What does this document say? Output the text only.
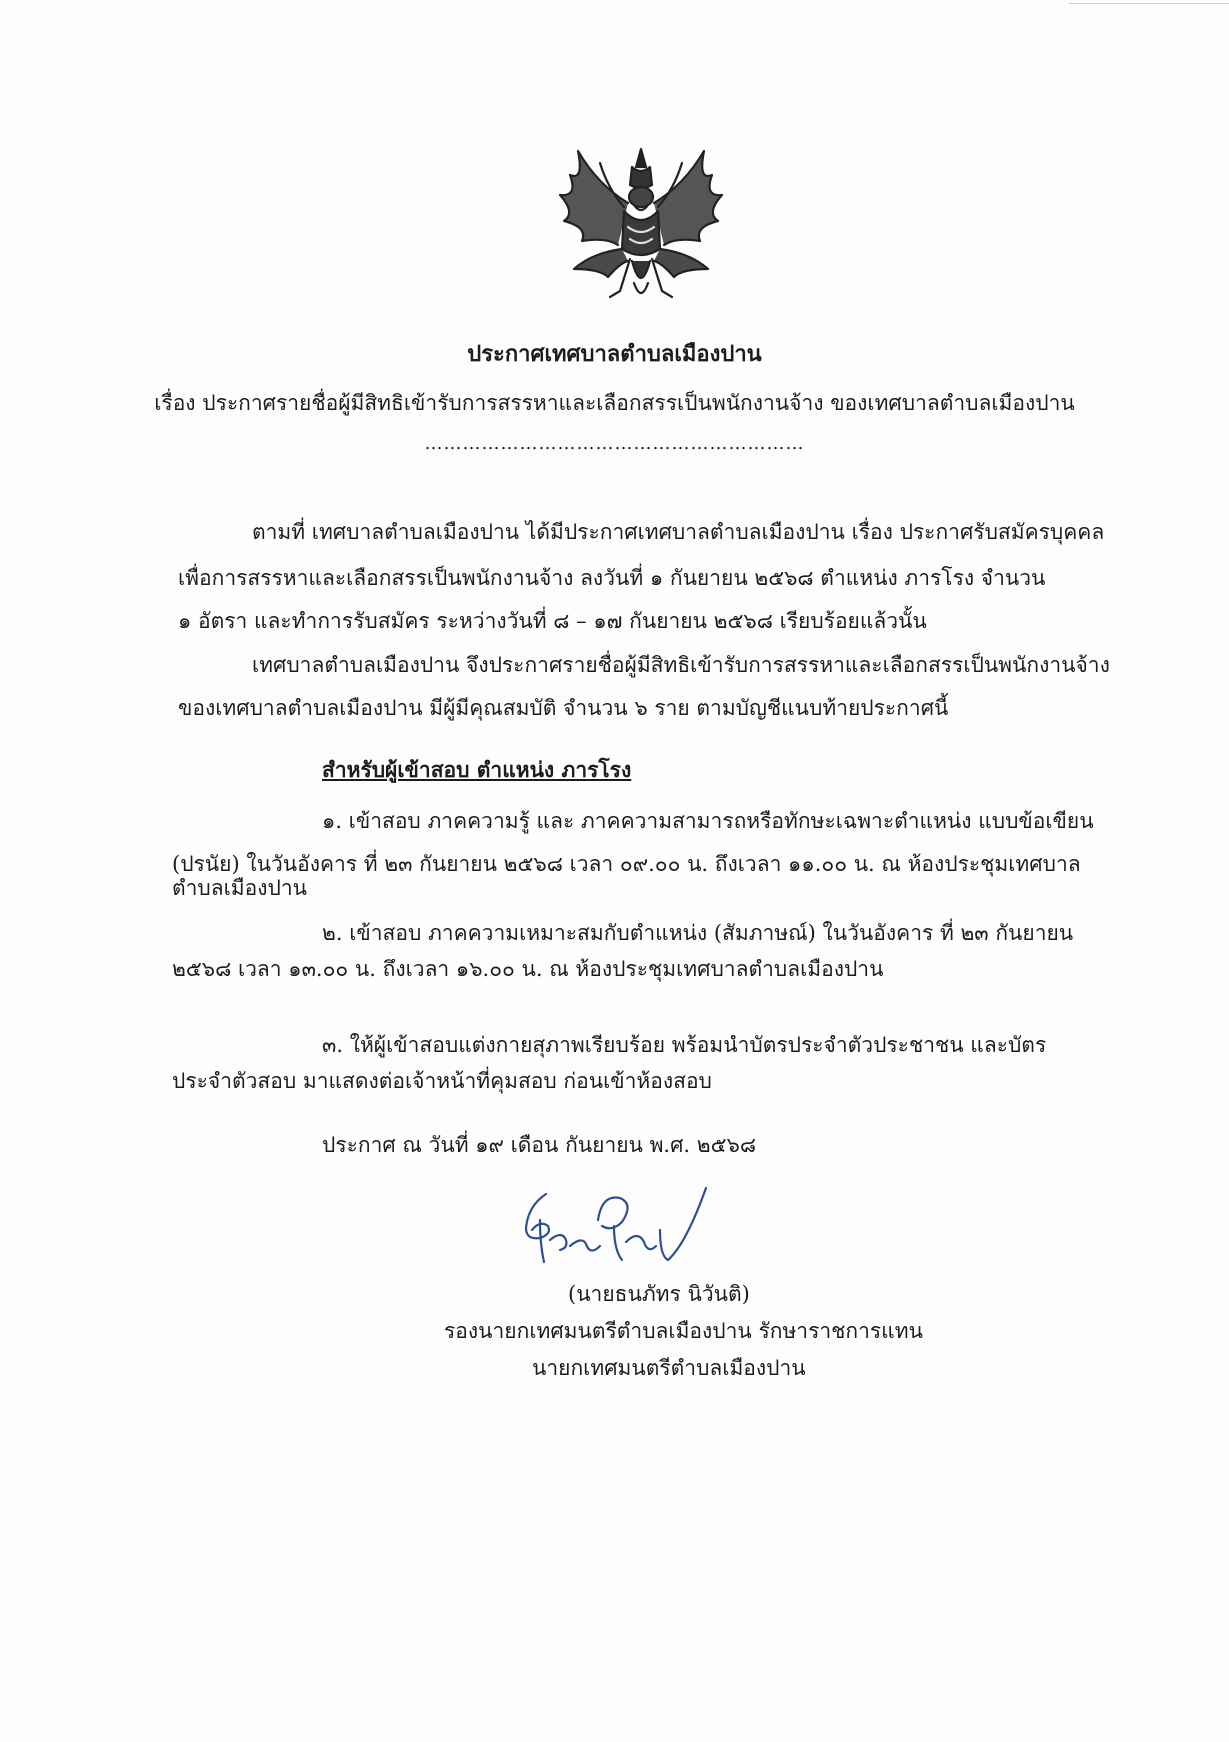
ประกาศเทศบาลตำบลเมืองปาน
เรื่อง ประกาศรายชื่อผู้มีสิทธิเข้ารับการสรรหาและเลือกสรรเป็นพนักงานจ้าง ของเทศบาลตำบลเมืองปาน
……………………………………………………
ตามที่ เทศบาลตำบลเมืองปาน ได้มีประกาศเทศบาลตำบลเมืองปาน เรื่อง ประกาศรับสมัครบุคคล
เพื่อการสรรหาและเลือกสรรเป็นพนักงานจ้าง ลงวันที่ ๑ กันยายน ๒๕๖๘ ตำแหน่ง ภารโรง จำนวน
๑ อัตรา และทำการรับสมัคร ระหว่างวันที่ ๘ – ๑๗ กันยายน ๒๕๖๘ เรียบร้อยแล้วนั้น
เทศบาลตำบลเมืองปาน จึงประกาศรายชื่อผู้มีสิทธิเข้ารับการสรรหาและเลือกสรรเป็นพนักงานจ้าง
ของเทศบาลตำบลเมืองปาน มีผู้มีคุณสมบัติ จำนวน ๖ ราย ตามบัญชีแนบท้ายประกาศนี้
สำหรับผู้เข้าสอบ ตำแหน่ง ภารโรง
๑. เข้าสอบ ภาคความรู้ และ ภาคความสามารถหรือทักษะเฉพาะตำแหน่ง แบบข้อเขียน
(ปรนัย) ในวันอังคาร ที่ ๒๓ กันยายน ๒๕๖๘ เวลา ๐๙.๐๐ น. ถึงเวลา ๑๑.๐๐ น. ณ ห้องประชุมเทศบาล
ตำบลเมืองปาน
๒. เข้าสอบ ภาคความเหมาะสมกับตำแหน่ง (สัมภาษณ์) ในวันอังคาร ที่ ๒๓ กันยายน
๒๕๖๘ เวลา ๑๓.๐๐ น. ถึงเวลา ๑๖.๐๐ น. ณ ห้องประชุมเทศบาลตำบลเมืองปาน
๓. ให้ผู้เข้าสอบแต่งกายสุภาพเรียบร้อย พร้อมนำบัตรประจำตัวประชาชน และบัตร
ประจำตัวสอบ มาแสดงต่อเจ้าหน้าที่คุมสอบ ก่อนเข้าห้องสอบ
ประกาศ ณ วันที่ ๑๙ เดือน กันยายน พ.ศ. ๒๕๖๘
(นายธนภัทร นิวันติ)
รองนายกเทศมนตรีตำบลเมืองปาน รักษาราชการแทน
นายกเทศมนตรีตำบลเมืองปาน
